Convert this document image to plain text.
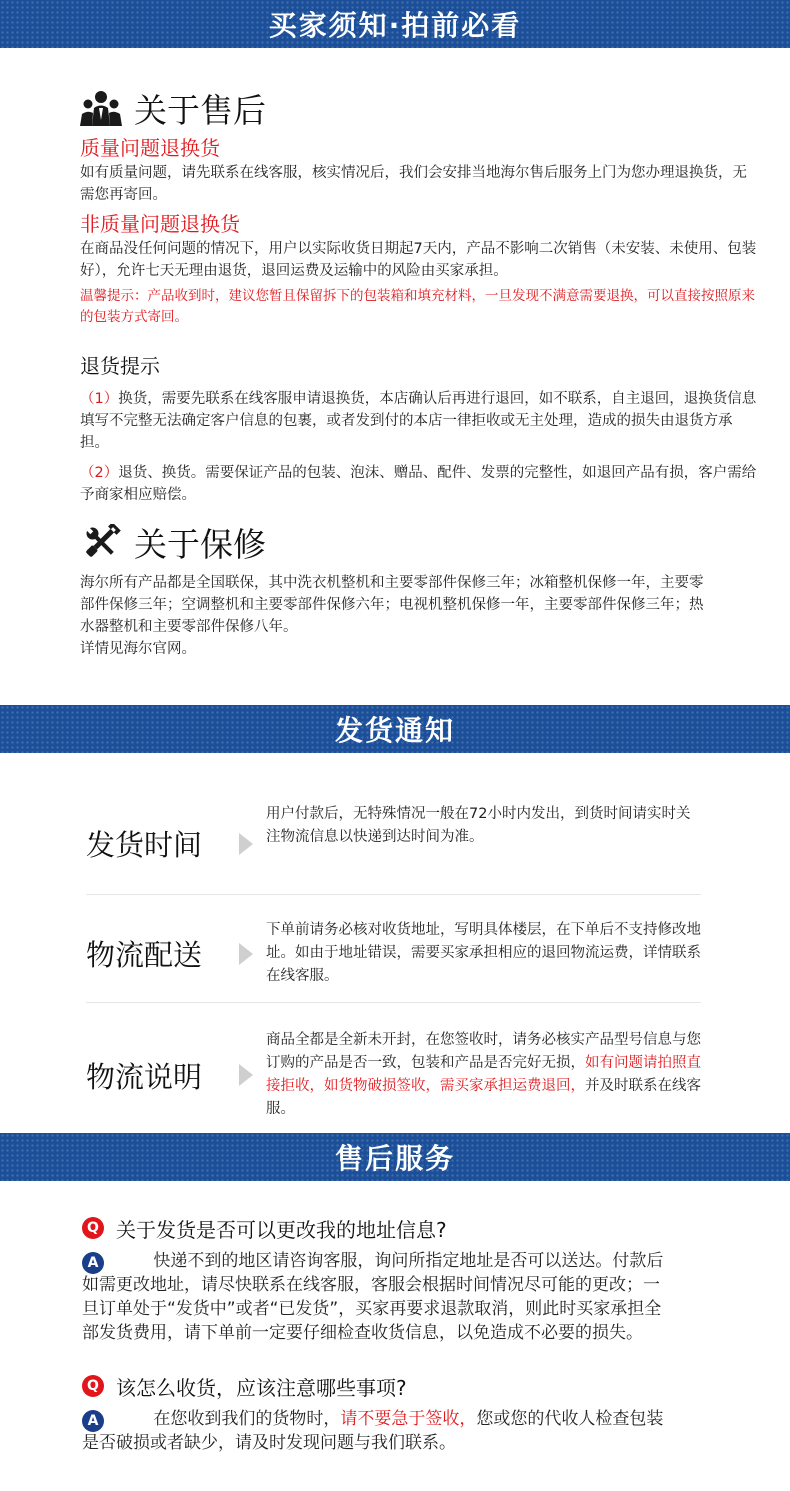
买家须知·拍前必看
关于售后
质量问题退换货
如有质量问题，请先联系在线客服，核实情况后，我们会安排当地海尔售后服务上门为您办理退换货，无需您再寄回。
非质量问题退换货
在商品没任何问题的情况下，用户以实际收货日期起7天内，产品不影响二次销售（未安装、未使用、包装好），允许七天无理由退货，退回运费及运输中的风险由买家承担。
温馨提示：产品收到时，建议您暂且保留拆下的包装箱和填充材料，一旦发现不满意需要退换，可以直接按照原来的包装方式寄回。
退货提示
（1）换货，需要先联系在线客服申请退换货，本店确认后再进行退回，如不联系，自主退回，退换货信息填写不完整无法确定客户信息的包裹，或者发到付的本店一律拒收或无主处理，造成的损失由退货方承担。
（2）退货、换货。需要保证产品的包装、泡沫、赠品、配件、发票的完整性，如退回产品有损，客户需给予商家相应赔偿。
关于保修
海尔所有产品都是全国联保，其中洗衣机整机和主要零部件保修三年；冰箱整机保修一年，主要零部件保修三年；空调整机和主要零部件保修六年；电视机整机保修一年，主要零部件保修三年；热水器整机和主要零部件保修八年。
详情见海尔官网。
发货通知
发货时间
用户付款后，无特殊情况一般在72小时内发出，到货时间请实时关注物流信息以快递到达时间为准。
物流配送
下单前请务必核对收货地址，写明具体楼层，在下单后不支持修改地址。如由于地址错误，需要买家承担相应的退回物流运费，详情联系在线客服。
物流说明
商品全都是全新未开封，在您签收时，请务必核实产品型号信息与您订购的产品是否一致，包装和产品是否完好无损，如有问题请拍照直接拒收，如货物破损签收，需买家承担运费退回，并及时联系在线客服。
售后服务
Q 关于发货是否可以更改我的地址信息?
A	快递不到的地区请咨询客服，询问所指定地址是否可以送达。付款后如需更改地址，请尽快联系在线客服，客服会根据时间情况尽可能的更改；一旦订单处于“发货中”或者“已发货”，买家再要求退款取消，则此时买家承担全部发货费用，请下单前一定要仔细检查收货信息，以免造成不必要的损失。
Q 该怎么收货，应该注意哪些事项?
A	在您收到我们的货物时，请不要急于签收，您或您的代收人检查包装是否破损或者缺少，请及时发现问题与我们联系。
